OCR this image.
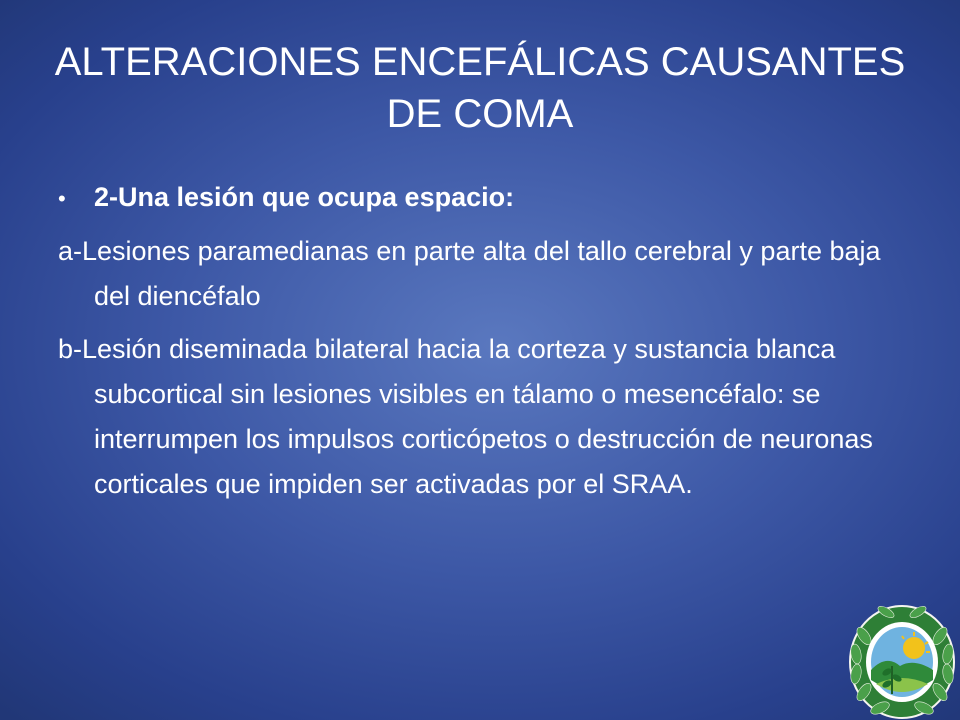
ALTERACIONES ENCEFÁLICAS CAUSANTES DE COMA
•	2-Una lesión que ocupa espacio:
a-Lesiones paramedianas en parte alta del tallo cerebral y parte baja del diencéfalo
b-Lesión diseminada bilateral hacia la corteza y sustancia blanca subcortical sin lesiones visibles en tálamo o mesencéfalo: se interrumpen los impulsos corticópetos o destrucción de neuronas corticales que impiden ser activadas por el SRAA.
